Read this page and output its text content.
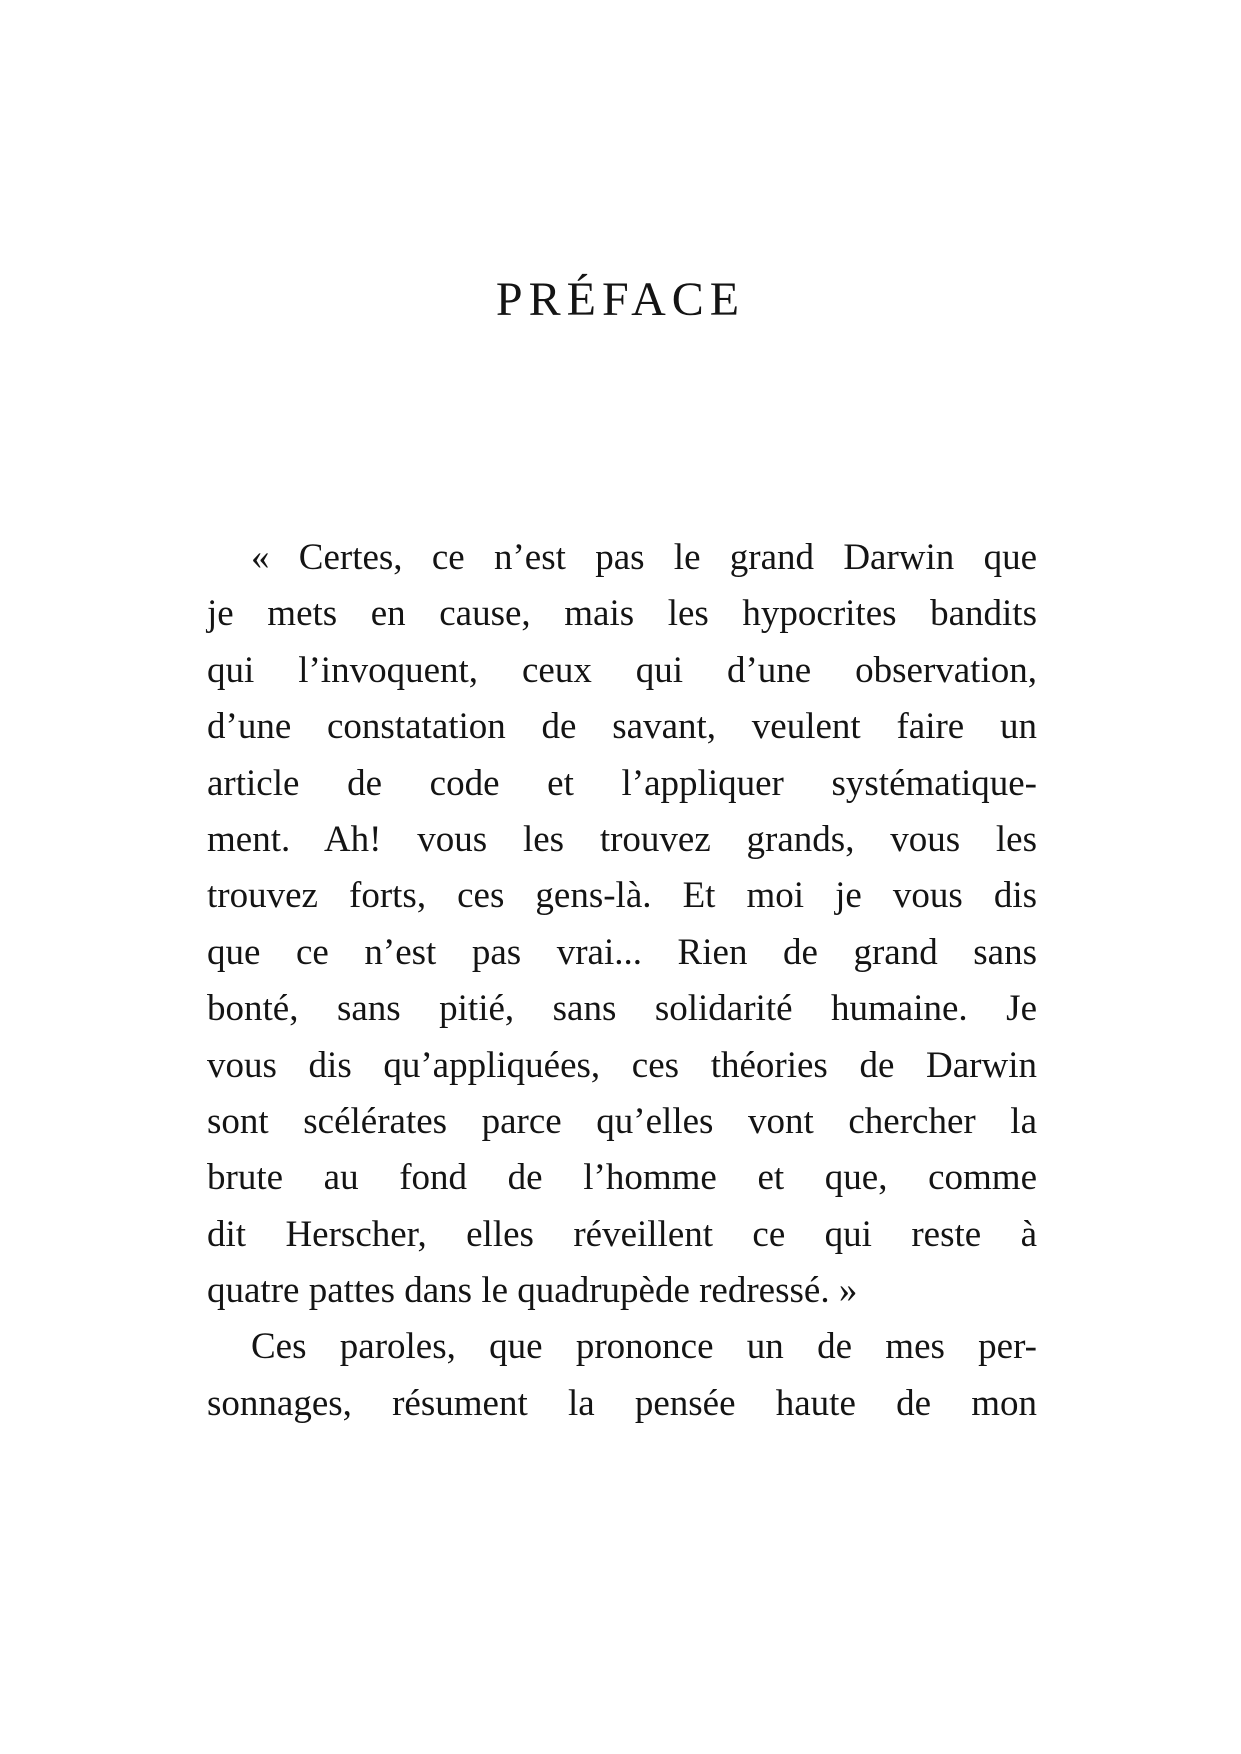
PRÉFACE
« Certes, ce n’est pas le grand Darwin que
je mets en cause, mais les hypocrites bandits
qui l’invoquent, ceux qui d’une observation,
d’une constatation de savant, veulent faire un
article de code et l’appliquer systématique-
ment. Ah! vous les trouvez grands, vous les
trouvez forts, ces gens-là. Et moi je vous dis
que ce n’est pas vrai... Rien de grand sans
bonté, sans pitié, sans solidarité humaine. Je
vous dis qu’appliquées, ces théories de Darwin
sont scélérates parce qu’elles vont chercher la
brute au fond de l’homme et que, comme
dit Herscher, elles réveillent ce qui reste à
quatre pattes dans le quadrupède redressé. »
Ces paroles, que prononce un de mes per-
sonnages, résument la pensée haute de mon
